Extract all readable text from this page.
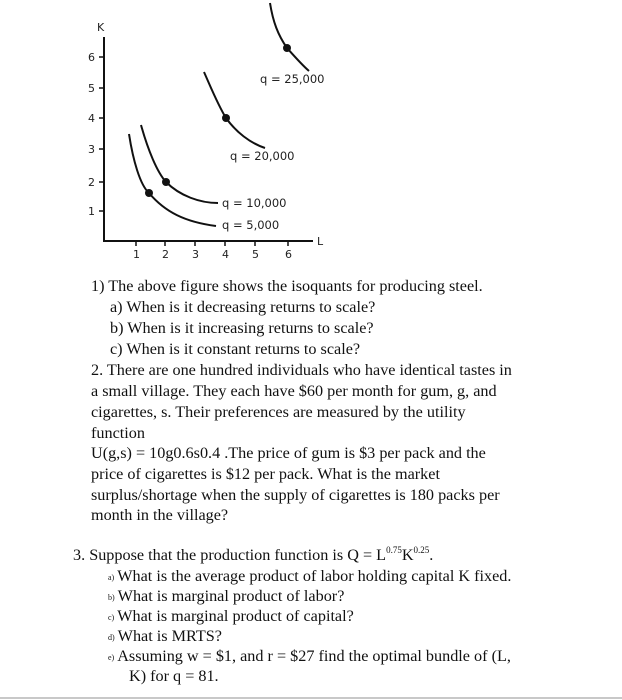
K
L
1
2
3
4
5
6
1 2 3 4 5 6
q = 5,000
q = 10,000
q = 20,000
q = 25,000
1) The above figure shows the isoquants for producing steel.
a) When is it decreasing returns to scale?
b) When is it increasing returns to scale?
c) When is it constant returns to scale?
2. There are one hundred individuals who have identical tastes in
a small village. They each have $60 per month for gum, g, and
cigarettes, s. Their preferences are measured by the utility
function
U(g,s) = 10g0.6s0.4 .The price of gum is $3 per pack and the
price of cigarettes is $12 per pack. What is the market
surplus/shortage when the supply of cigarettes is 180 packs per
month in the village?
3. Suppose that the production function is $Q = L^{0.75}K^{0.25}$.
a) What is the average product of labor holding capital K fixed.
b) What is marginal product of labor?
c) What is marginal product of capital?
d) What is MRTS?
e) Assuming w = $1, and r = $27 find the optimal bundle of (L,
K) for q = 81.
